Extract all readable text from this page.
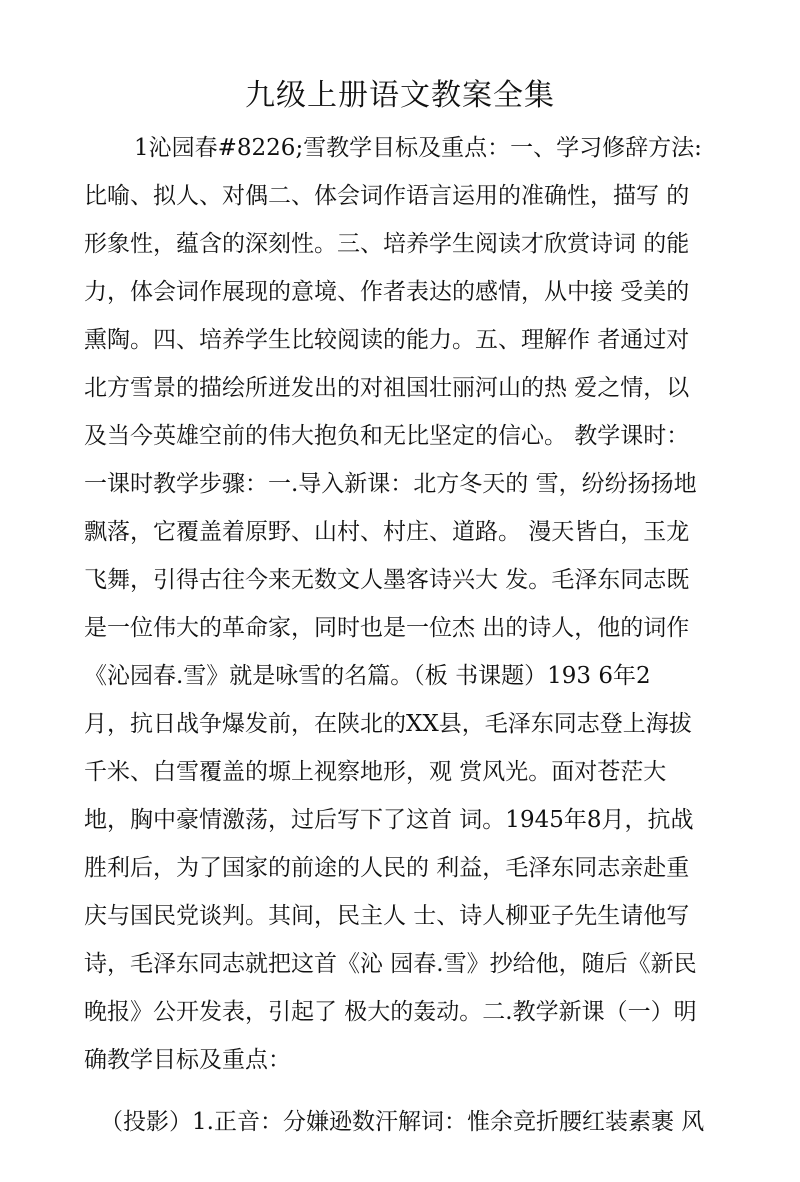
九级上册语文教案全集
1沁园春#8226;雪教学目标及重点：一、学习修辞方法:
比喻、拟人、对偶二、体会词作语言运用的准确性，描写 的
形象性，蕴含的深刻性。三、培养学生阅读才欣赏诗词 的能
力，体会词作展现的意境、作者表达的感情，从中接 受美的
熏陶。四、培养学生比较阅读的能力。五、理解作 者通过对
北方雪景的描绘所迸发出的对祖国壮丽河山的热 爱之情，以
及当今英雄空前的伟大抱负和无比坚定的信心。 教学课时：
一课时教学步骤：一.导入新课：北方冬天的 雪，纷纷扬扬地
飘落，它覆盖着原野、山村、村庄、道路。 漫天皆白，玉龙
飞舞，引得古往今来无数文人墨客诗兴大 发。毛泽东同志既
是一位伟大的革命家，同时也是一位杰 出的诗人，他的词作
《沁园春.雪》就是咏雪的名篇。（板 书课题）193 6年2
月，抗日战争爆发前，在陕北的XX县，毛泽东同志登上海拔
千米、白雪覆盖的塬上视察地形，观 赏风光。面对苍茫大
地，胸中豪情激荡，过后写下了这首 词。1945年8月，抗战
胜利后，为了国家的前途的人民的 利益，毛泽东同志亲赴重
庆与国民党谈判。其间，民主人 士、诗人柳亚子先生请他写
诗，毛泽东同志就把这首《沁 园春.雪》抄给他，随后《新民
晚报》公开发表，引起了 极大的轰动。二.教学新课（一）明
确教学目标及重点：
（投影）1.正音：分嫌逊数汗解词：惟余竞折腰红装素裹 风
